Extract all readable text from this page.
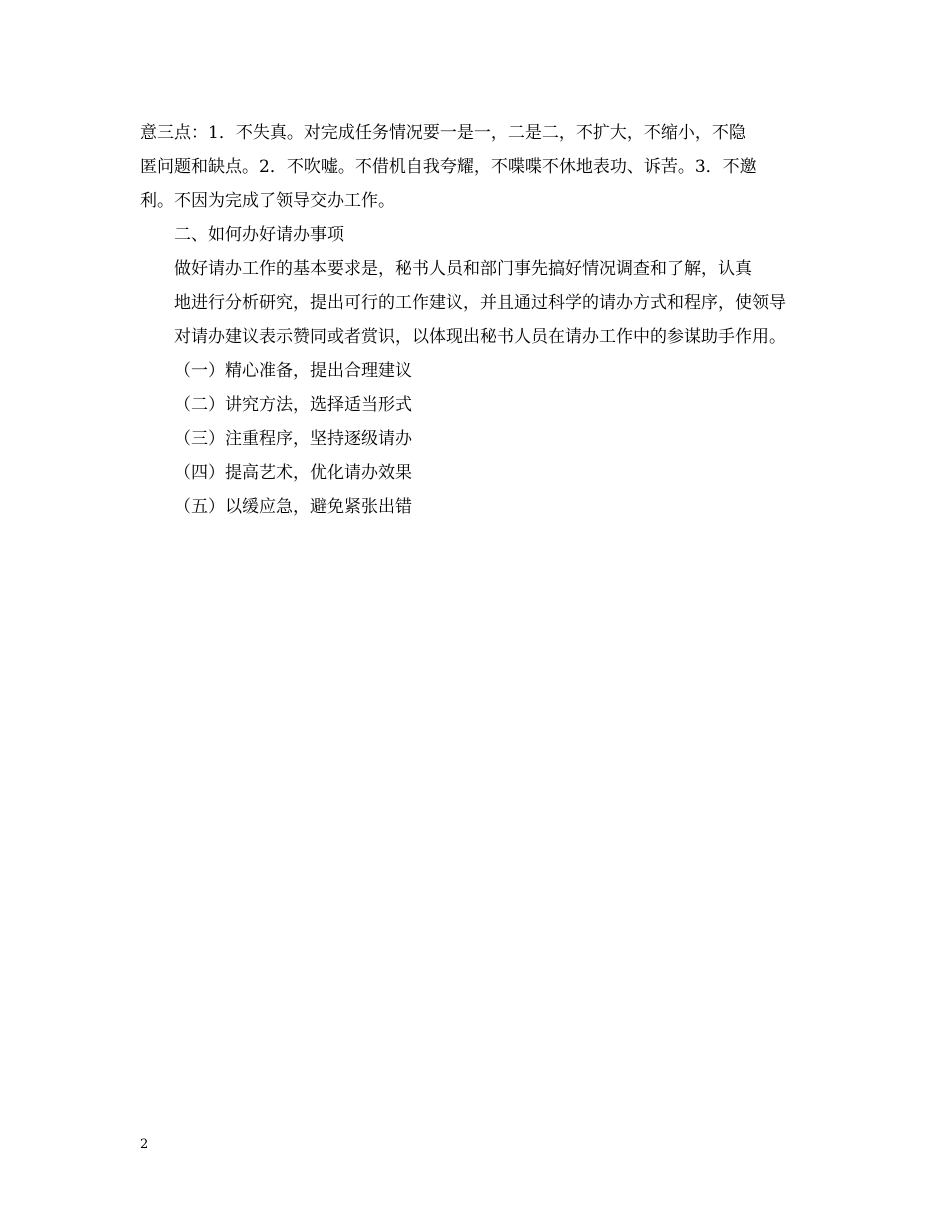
意三点：1．不失真。对完成任务情况要一是一，二是二，不扩大，不缩小，不隐
匿问题和缺点。2．不吹嘘。不借机自我夸耀，不喋喋不休地表功、诉苦。3．不邀
利。不因为完成了领导交办工作。

二、如何办好请办事项

做好请办工作的基本要求是，秘书人员和部门事先搞好情况调查和了解，认真
地进行分析研究，提出可行的工作建议，并且通过科学的请办方式和程序，使领导
对请办建议表示赞同或者赏识，以体现出秘书人员在请办工作中的参谋助手作用。

（一）精心准备，提出合理建议

（二）讲究方法，选择适当形式

（三）注重程序，坚持逐级请办

（四）提高艺术，优化请办效果

（五）以缓应急，避免紧张出错

2
